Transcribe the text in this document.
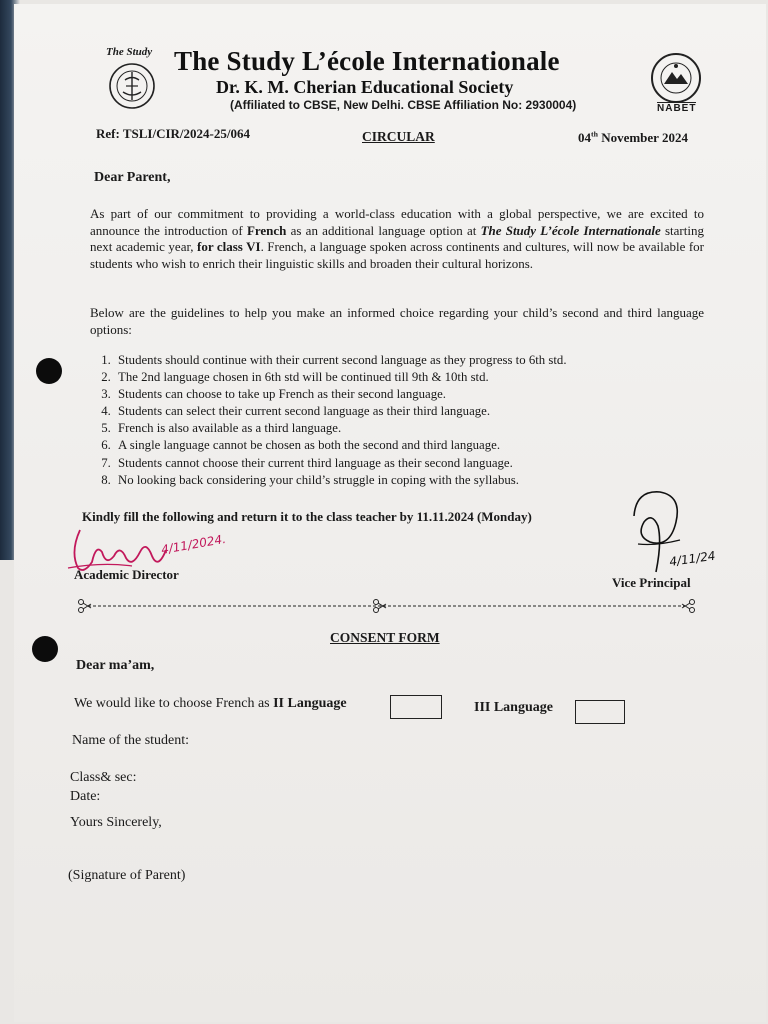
The Study The Study L’école Internationale
Dr. K. M. Cherian Educational Society
(Affiliated to CBSE, New Delhi. CBSE Affiliation No: 2930004)	NABET
Ref: TSLI/CIR/2024-25/064	CIRCULAR	04th November 2024
Dear Parent,
As part of our commitment to providing a world-class education with a global perspective, we are excited to announce the introduction of French as an additional language option at The Study L’école Internationale starting next academic year, for class VI. French, a language spoken across continents and cultures, will now be available for students who wish to enrich their linguistic skills and broaden their cultural horizons.
Below are the guidelines to help you make an informed choice regarding your child’s second and third language options:
1. Students should continue with their current second language as they progress to 6th std.
2. The 2nd language chosen in 6th std will be continued till 9th & 10th std.
3. Students can choose to take up French as their second language.
4. Students can select their current second language as their third language.
5. French is also available as a third language.
6. A single language cannot be chosen as both the second and third language.
7. Students cannot choose their current third language as their second language.
8. No looking back considering your child’s struggle in coping with the syllabus.
Kindly fill the following and return it to the class teacher by 11.11.2024 (Monday)
4/11/2024.
Academic Director
4/11/24
Vice Principal
CONSENT FORM
Dear ma’am,
We would like to choose French as II Language	III Language
Name of the student:
Class& sec:
Date:
Yours Sincerely,
(Signature of Parent)
